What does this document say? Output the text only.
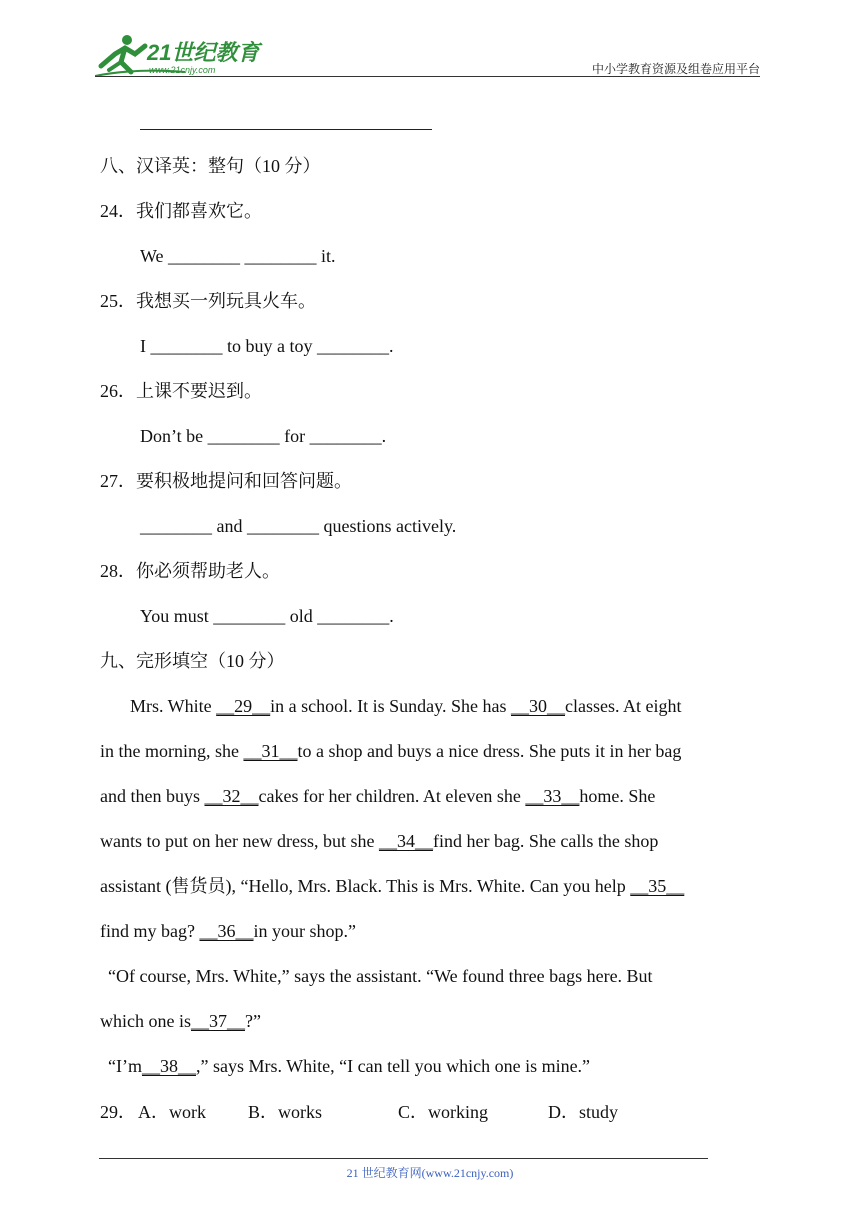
21世纪教育
www.21cnjy.com	中小学教育资源及组卷应用平台
八、汉译英：整句（10 分）
24．我们都喜欢它。
We ________ ________ it.
25．我想买一列玩具火车。
I ________ to buy a toy ________.
26．上课不要迟到。
Don’t be ________ for ________.
27．要积极地提问和回答问题。
________ and ________ questions actively.
28．你必须帮助老人。
You must ________ old ________.
九、完形填空（10 分）
Mrs. White __29__in a school. It is Sunday. She has __30__classes. At eight
in the morning, she __31__to a shop and buys a nice dress. She puts it in her bag
and then buys __32__cakes for her children. At eleven she __33__home. She
wants to put on her new dress, but she __34__find her bag. She calls the shop
assistant (售货员), “Hello, Mrs. Black. This is Mrs. White. Can you help __35__
find my bag? __36__in your shop.”
“Of course, Mrs. White,” says the assistant. “We found three bags here. But
which one is__37__?”
“I’m__38__,” says Mrs. White, “I can tell you which one is mine.”
29． A．work B．works	C．working	D．study
21 世纪教育网(www.21cnjy.com)
